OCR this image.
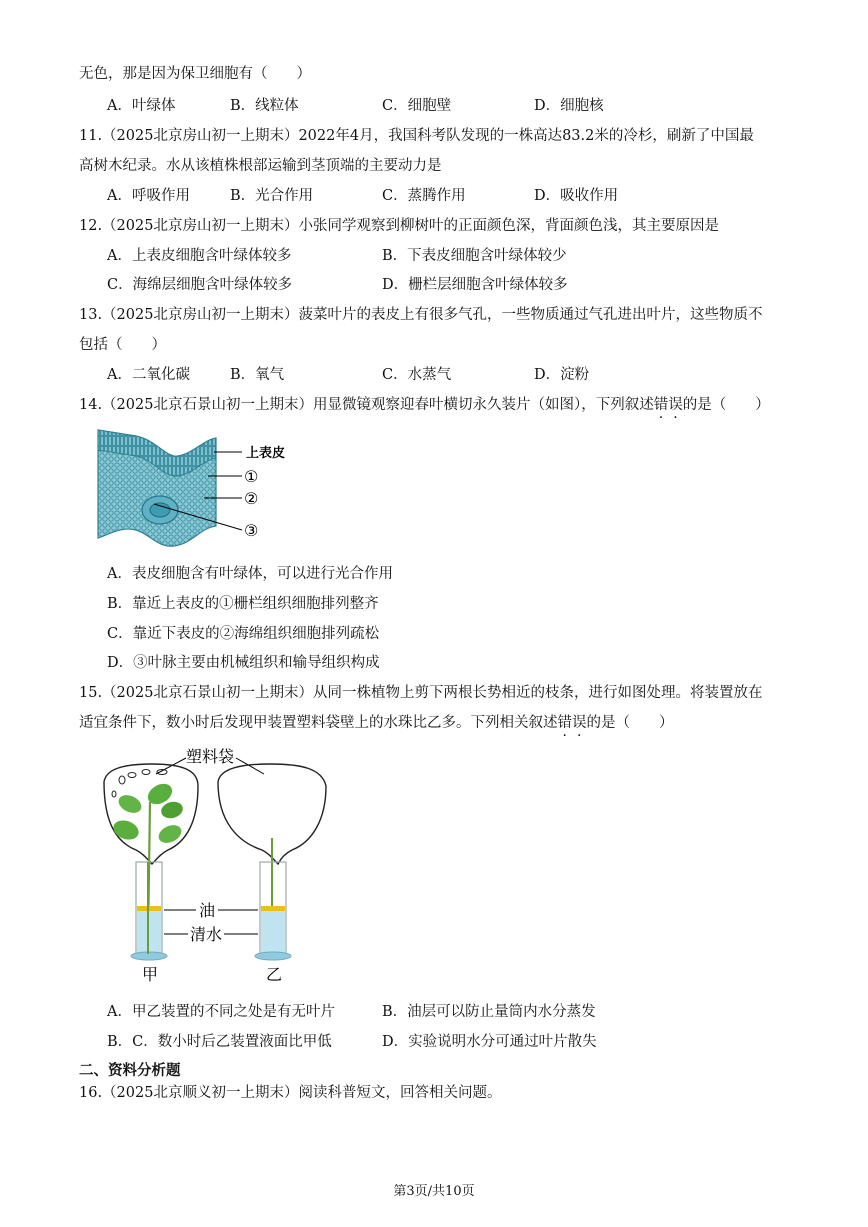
无色，那是因为保卫细胞有（　　）
A．叶绿体	B．线粒体	C．细胞壁	D．细胞核
11.（2025北京房山初一上期末）2022年4月，我国科考队发现的一株高达83.2米的冷杉，刷新了中国最
高树木纪录。水从该植株根部运输到茎顶端的主要动力是
A．呼吸作用	B．光合作用	C．蒸腾作用	D．吸收作用
12.（2025北京房山初一上期末）小张同学观察到柳树叶的正面颜色深，背面颜色浅，其主要原因是
A．上表皮细胞含叶绿体较多	B．下表皮细胞含叶绿体较少
C．海绵层细胞含叶绿体较多	D．栅栏层细胞含叶绿体较多
13.（2025北京房山初一上期末）菠菜叶片的表皮上有很多气孔，一些物质通过气孔进出叶片，这些物质不
包括（　　）
A．二氧化碳	B．氧气	C．水蒸气	D．淀粉
14.（2025北京石景山初一上期末）用显微镜观察迎春叶横切永久装片（如图），下列叙述错误的是（　　）
上表皮
①
②
③
A．表皮细胞含有叶绿体，可以进行光合作用
B．靠近上表皮的①栅栏组织细胞排列整齐
C．靠近下表皮的②海绵组织细胞排列疏松
D．③叶脉主要由机械组织和输导组织构成
15.（2025北京石景山初一上期末）从同一株植物上剪下两根长势相近的枝条，进行如图处理。将装置放在
适宜条件下，数小时后发现甲装置塑料袋壁上的水珠比乙多。下列相关叙述错误的是（　　）
塑料袋
油
清水
甲	乙
A．甲乙装置的不同之处是有无叶片	B．油层可以防止量筒内水分蒸发
B．C．数小时后乙装置液面比甲低	D．实验说明水分可通过叶片散失
二、资料分析题
16.（2025北京顺义初一上期末）阅读科普短文，回答相关问题。
第3页/共10页
